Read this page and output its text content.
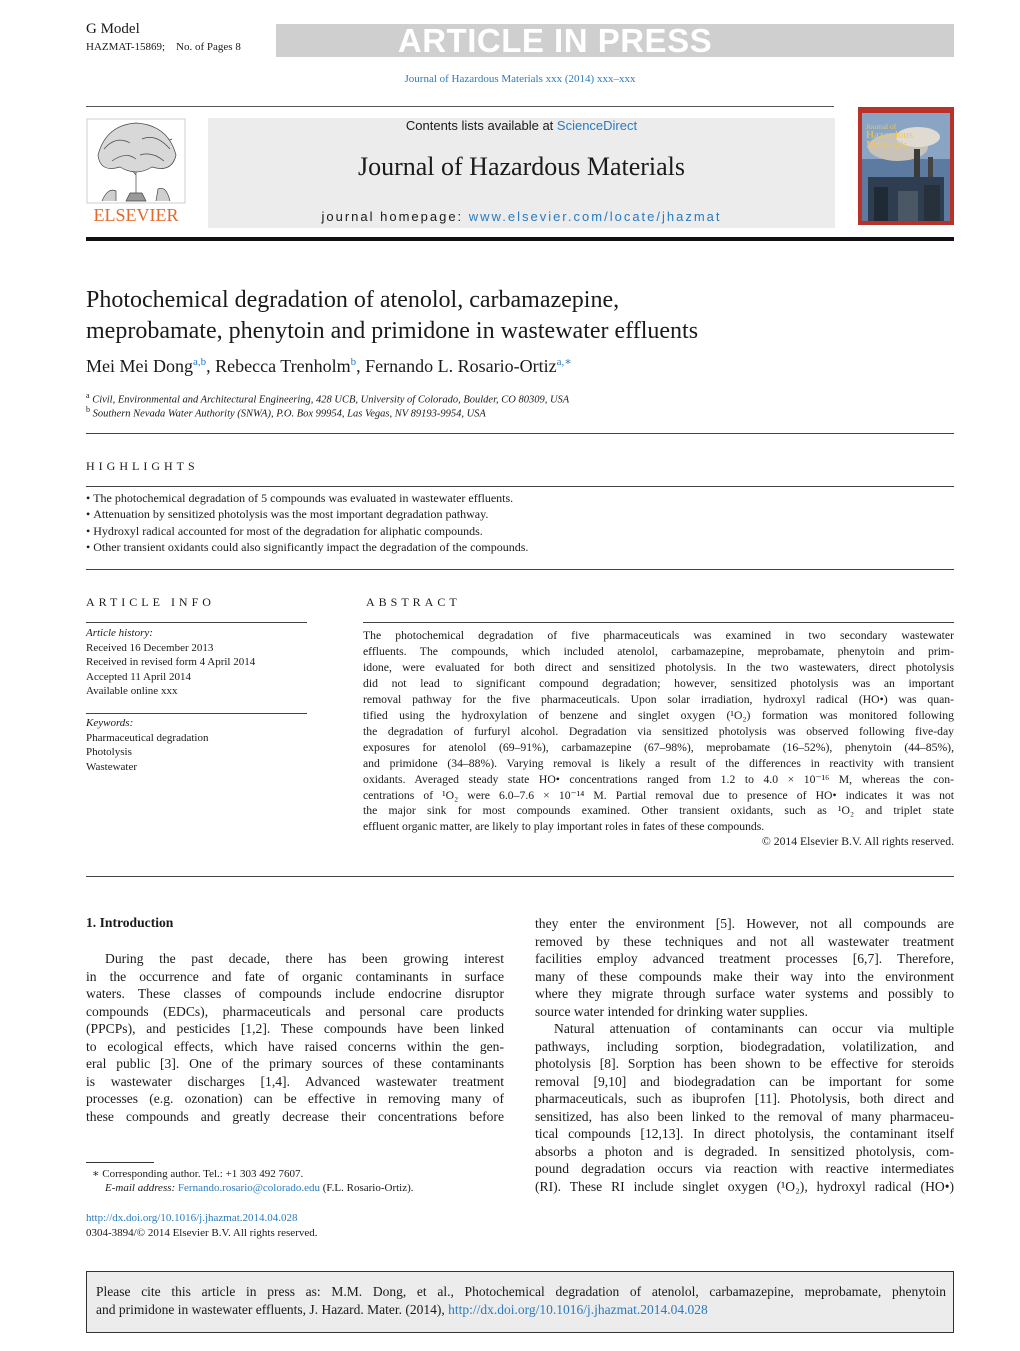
G Model
HAZMAT-15869; No. of Pages 8	ARTICLE IN PRESS
Journal of Hazardous Materials xxx (2014) xxx–xxx
ELSEVIER
Contents lists available at ScienceDirect
Journal of Hazardous Materials
journal homepage: www.elsevier.com/locate/jhazmat
Journal of Hazardous Materials
Photochemical degradation of atenolol, carbamazepine,
meprobamate, phenytoin and primidone in wastewater effluents
Mei Mei Dong$^{a,b}$, Rebecca Trenholm$^b$, Fernando L. Rosario-Ortiz$^{a,∗}$
$^a$ Civil, Environmental and Architectural Engineering, 428 UCB, University of Colorado, Boulder, CO 80309, USA
$^b$ Southern Nevada Water Authority (SNWA), P.O. Box 99954, Las Vegas, NV 89193-9954, USA
HIGHLIGHTS
• The photochemical degradation of 5 compounds was evaluated in wastewater effluents.
• Attenuation by sensitized photolysis was the most important degradation pathway.
• Hydroxyl radical accounted for most of the degradation for aliphatic compounds.
• Other transient oxidants could also significantly impact the degradation of the compounds.
ARTICLE INFO
Article history:
Received 16 December 2013
Received in revised form 4 April 2014
Accepted 11 April 2014
Available online xxx
Keywords:
Pharmaceutical degradation
Photolysis
Wastewater
ABSTRACT
The photochemical degradation of five pharmaceuticals was examined in two secondary wastewater
effluents. The compounds, which included atenolol, carbamazepine, meprobamate, phenytoin and prim-
idone, were evaluated for both direct and sensitized photolysis. In the two wastewaters, direct photolysis
did not lead to significant compound degradation; however, sensitized photolysis was an important
removal pathway for the five pharmaceuticals. Upon solar irradiation, hydroxyl radical (HO•) was quan-
tified using the hydroxylation of benzene and singlet oxygen (¹O₂) formation was monitored following
the degradation of furfuryl alcohol. Degradation via sensitized photolysis was observed following five-day
exposures for atenolol (69–91%), carbamazepine (67–98%), meprobamate (16–52%), phenytoin (44–85%),
and primidone (34–88%). Varying removal is likely a result of the differences in reactivity with transient
oxidants. Averaged steady state HO• concentrations ranged from 1.2 to 4.0 × 10⁻¹⁶ M, whereas the con-
centrations of ¹O₂ were 6.0–7.6 × 10⁻¹⁴ M. Partial removal due to presence of HO• indicates it was not
the major sink for most compounds examined. Other transient oxidants, such as ¹O₂ and triplet state
effluent organic matter, are likely to play important roles in fates of these compounds.
© 2014 Elsevier B.V. All rights reserved.
1. Introduction
During the past decade, there has been growing interest
in the occurrence and fate of organic contaminants in surface
waters. These classes of compounds include endocrine disruptor
compounds (EDCs), pharmaceuticals and personal care products
(PPCPs), and pesticides [1,2]. These compounds have been linked
to ecological effects, which have raised concerns within the gen-
eral public [3]. One of the primary sources of these contaminants
is wastewater discharges [1,4]. Advanced wastewater treatment
processes (e.g. ozonation) can be effective in removing many of
these compounds and greatly decrease their concentrations before
they enter the environment [5]. However, not all compounds are
removed by these techniques and not all wastewater treatment
facilities employ advanced treatment processes [6,7]. Therefore,
many of these compounds make their way into the environment
where they migrate through surface water systems and possibly to
source water intended for drinking water supplies.
Natural attenuation of contaminants can occur via multiple
pathways, including sorption, biodegradation, volatilization, and
photolysis [8]. Sorption has been shown to be effective for steroids
removal [9,10] and biodegradation can be important for some
pharmaceuticals, such as ibuprofen [11]. Photolysis, both direct and
sensitized, has also been linked to the removal of many pharmaceu-
tical compounds [12,13]. In direct photolysis, the contaminant itself
absorbs a photon and is degraded. In sensitized photolysis, com-
pound degradation occurs via reaction with reactive intermediates
(RI). These RI include singlet oxygen (¹O₂), hydroxyl radical (HO•)
∗ Corresponding author. Tel.: +1 303 492 7607.
E-mail address: Fernando.rosario@colorado.edu (F.L. Rosario-Ortiz).
http://dx.doi.org/10.1016/j.jhazmat.2014.04.028
0304-3894/© 2014 Elsevier B.V. All rights reserved.
Please cite this article in press as: M.M. Dong, et al., Photochemical degradation of atenolol, carbamazepine, meprobamate, phenytoin
and primidone in wastewater effluents, J. Hazard. Mater. (2014), http://dx.doi.org/10.1016/j.jhazmat.2014.04.028
